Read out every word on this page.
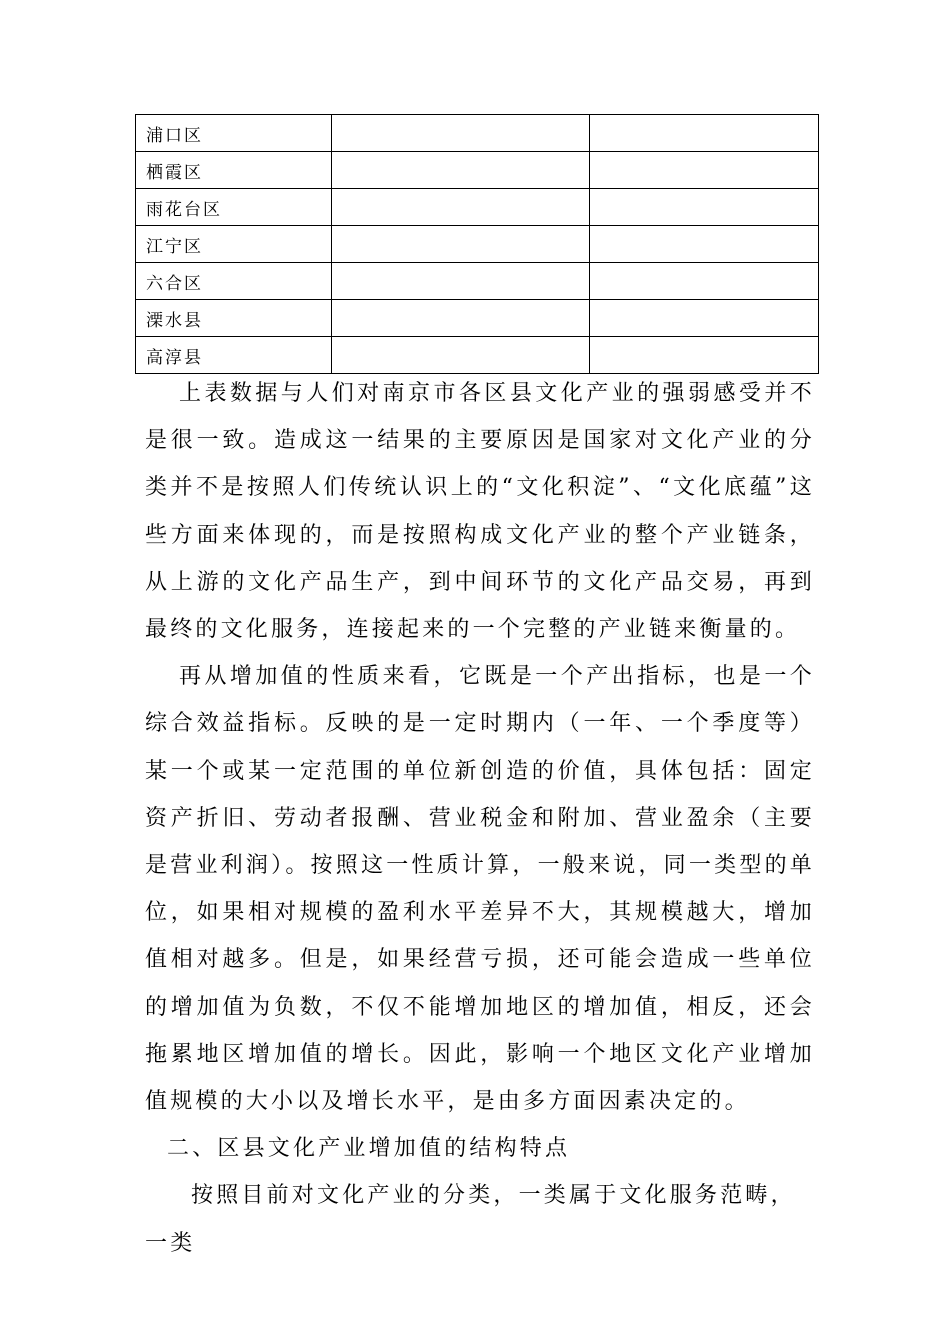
浦口区		
栖霞区		
雨花台区		
江宁区		
六合区		
溧水县		
高淳县		

上表数据与人们对南京市各区县文化产业的强弱感受并不是很一致。造成这一结果的主要原因是国家对文化产业的分类并不是按照人们传统认识上的“文化积淀”、“文化底蕴”这些方面来体现的，而是按照构成文化产业的整个产业链条，从上游的文化产品生产，到中间环节的文化产品交易，再到最终的文化服务，连接起来的一个完整的产业链来衡量的。

再从增加值的性质来看，它既是一个产出指标，也是一个综合效益指标。反映的是一定时期内（一年、一个季度等）某一个或某一定范围的单位新创造的价值，具体包括：固定资产折旧、劳动者报酬、营业税金和附加、营业盈余（主要是营业利润）。按照这一性质计算，一般来说，同一类型的单位，如果相对规模的盈利水平差异不大，其规模越大，增加值相对越多。但是，如果经营亏损，还可能会造成一些单位的增加值为负数，不仅不能增加地区的增加值，相反，还会拖累地区增加值的增长。因此，影响一个地区文化产业增加值规模的大小以及增长水平，是由多方面因素决定的。

二、区县文化产业增加值的结构特点

按照目前对文化产业的分类，一类属于文化服务范畴，一类
